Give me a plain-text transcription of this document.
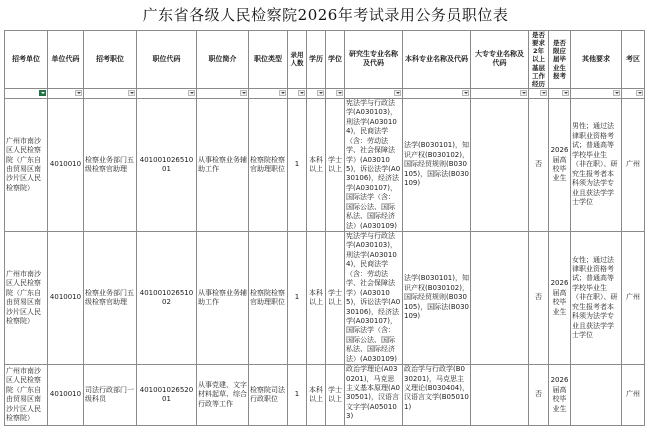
广东省各级人民检察院2026年考试录用公务员职位表
招考单位	单位代码	招考职位	职位代码	职位简介	职位类型	录用人数	学历	学位	研究生专业名称及代码	本科专业名称及代码	大专专业名称及代码	是否要求2年以上基层工作经历	是否限应届毕业生报考	其他要求	考区

广州市南沙区人民检察院（广东自由贸易区南沙片区人民检察院）	4010010	检察业务部门五级检察官助理	40100102651001	从事检察业务辅助工作	检察院检察官助理职位	1	本科以上	学士以上	宪法学与行政法学(A030103)，刑法学(A030104)，民商法学（含：劳动法学、社会保障法学）(A030105)，诉讼法学(A030106)，经济法学(A030107)，国际法学（含：国际公法、国际私法、国际经济法）(A030109)	法学(B030101)，知识产权(B030102)，国际经贸规则(B030105)，国际法(B030109)		否	2026届高校毕业生	男性；通过法律职业资格考试；普通高等学校毕业生（非在职）、研究生报考者本科须为法学专业且获法学学士学位	广州
广州市南沙区人民检察院（广东自由贸易区南沙片区人民检察院）	4010010	检察业务部门五级检察官助理	40100102651002	从事检察业务辅助工作	检察院检察官助理职位	1	本科以上	学士以上	宪法学与行政法学(A030103)，刑法学(A030104)，民商法学（含：劳动法学、社会保障法学）(A030105)，诉讼法学(A030106)，经济法学(A030107)，国际法学（含：国际公法、国际私法、国际经济法）(A030109)	法学(B030101)，知识产权(B030102)，国际经贸规则(B030105)，国际法(B030109)		否	2026届高校毕业生	女性；通过法律职业资格考试；普通高等学校毕业生（非在职）、研究生报考者本科须为法学专业且获法学学士学位	广州
广州市南沙区人民检察院（广东自由贸易区南沙片区人民检察院）	4010010	司法行政部门一级科员	40100102652001	从事党建、文字材料起草、综合行政等工作	检察院司法行政职位	1	本科以上	学士以上	政治学理论(A030201)，马克思主义基本原理(A030501)，汉语言文字学(A050103)	政治学与行政学(B030201)，马克思主义理论(B030404)，汉语言文学(B050101)		否	2026届高校毕业生		广州
